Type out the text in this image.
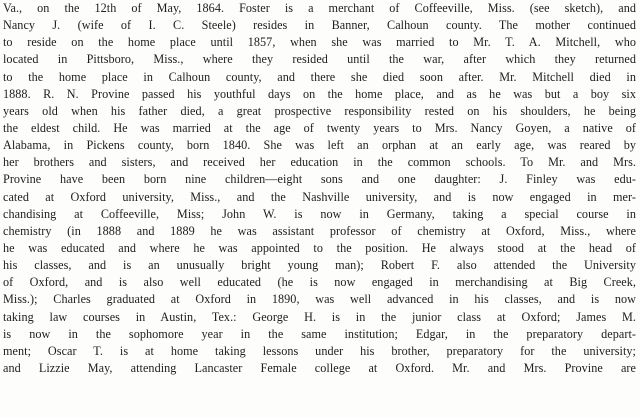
Va., on the 12th of May, 1864. Foster is a merchant of Coffeeville, Miss. (see sketch), and
Nancy J. (wife of I. C. Steele) resides in Banner, Calhoun county. The mother continued
to reside on the home place until 1857, when she was married to Mr. T. A. Mitchell, who
located in Pittsboro, Miss., where they resided until the war, after which they returned
to the home place in Calhoun county, and there she died soon after. Mr. Mitchell died in
1888. R. N. Provine passed his youthful days on the home place, and as he was but a boy six
years old when his father died, a great prospective responsibility rested on his shoulders, he being
the eldest child. He was married at the age of twenty years to Mrs. Nancy Goyen, a native of
Alabama, in Pickens county, born 1840. She was left an orphan at an early age, was reared by
her brothers and sisters, and received her education in the common schools. To Mr. and Mrs.
Provine have been born nine children—eight sons and one daughter: J. Finley was edu-
cated at Oxford university, Miss., and the Nashville university, and is now engaged in mer-
chandising at Coffeeville, Miss; John W. is now in Germany, taking a special course in
chemistry (in 1888 and 1889 he was assistant professor of chemistry at Oxford, Miss., where
he was educated and where he was appointed to the position. He always stood at the head of
his classes, and is an unusually bright young man); Robert F. also attended the University
of Oxford, and is also well educated (he is now engaged in merchandising at Big Creek,
Miss.); Charles graduated at Oxford in 1890, was well advanced in his classes, and is now
taking law courses in Austin, Tex.: George H. is in the junior class at Oxford; James M.
is now in the sophomore year in the same institution; Edgar, in the preparatory depart-
ment; Oscar T. is at home taking lessons under his brother, preparatory for the university;
and Lizzie May, attending Lancaster Female college at Oxford. Mr. and Mrs. Provine are
